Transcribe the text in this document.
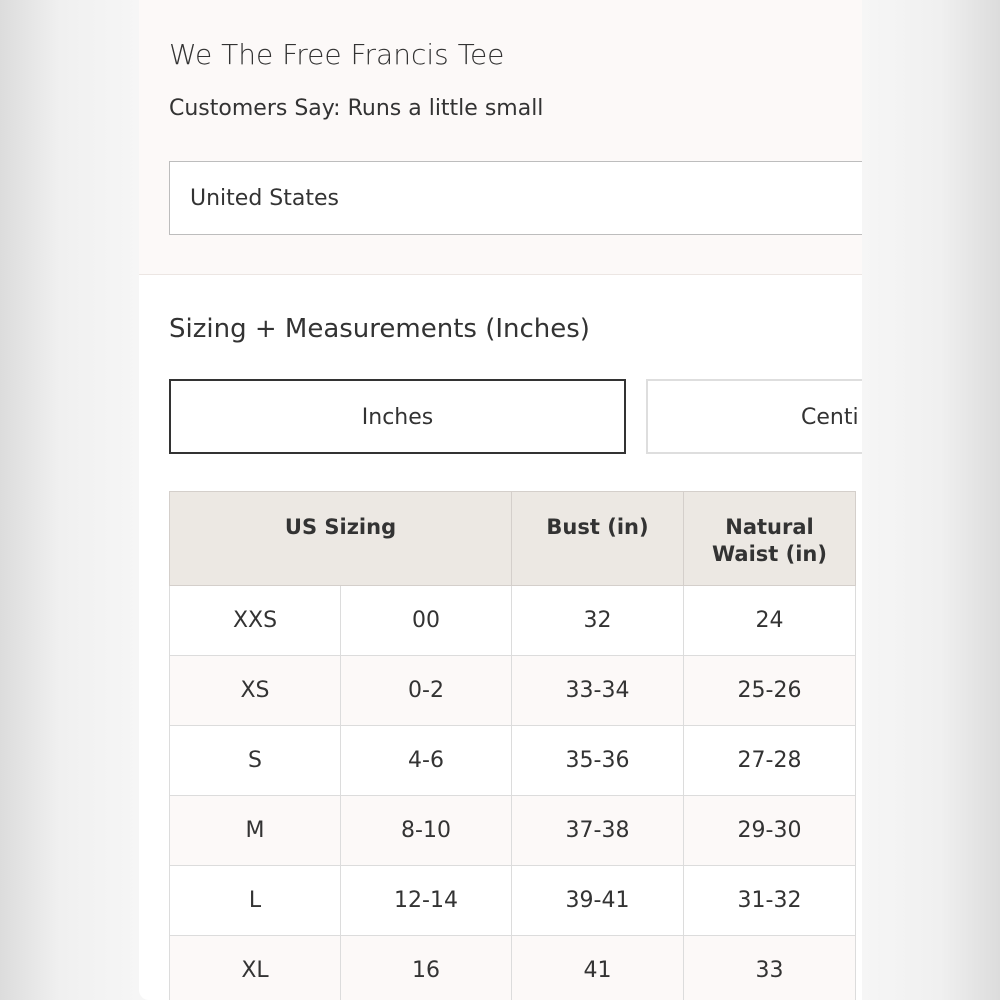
We The Free Francis Tee
Customers Say: Runs a little small
United States
Sizing + Measurements (Inches)
Inches	Centi
US Sizing		Bust (in)	Natural
Waist (in)
XXS	00	32	24
XS	0-2	33-34	25-26
S	4-6	35-36	27-28
M	8-10	37-38	29-30
L	12-14	39-41	31-32
XL	16	41	33
